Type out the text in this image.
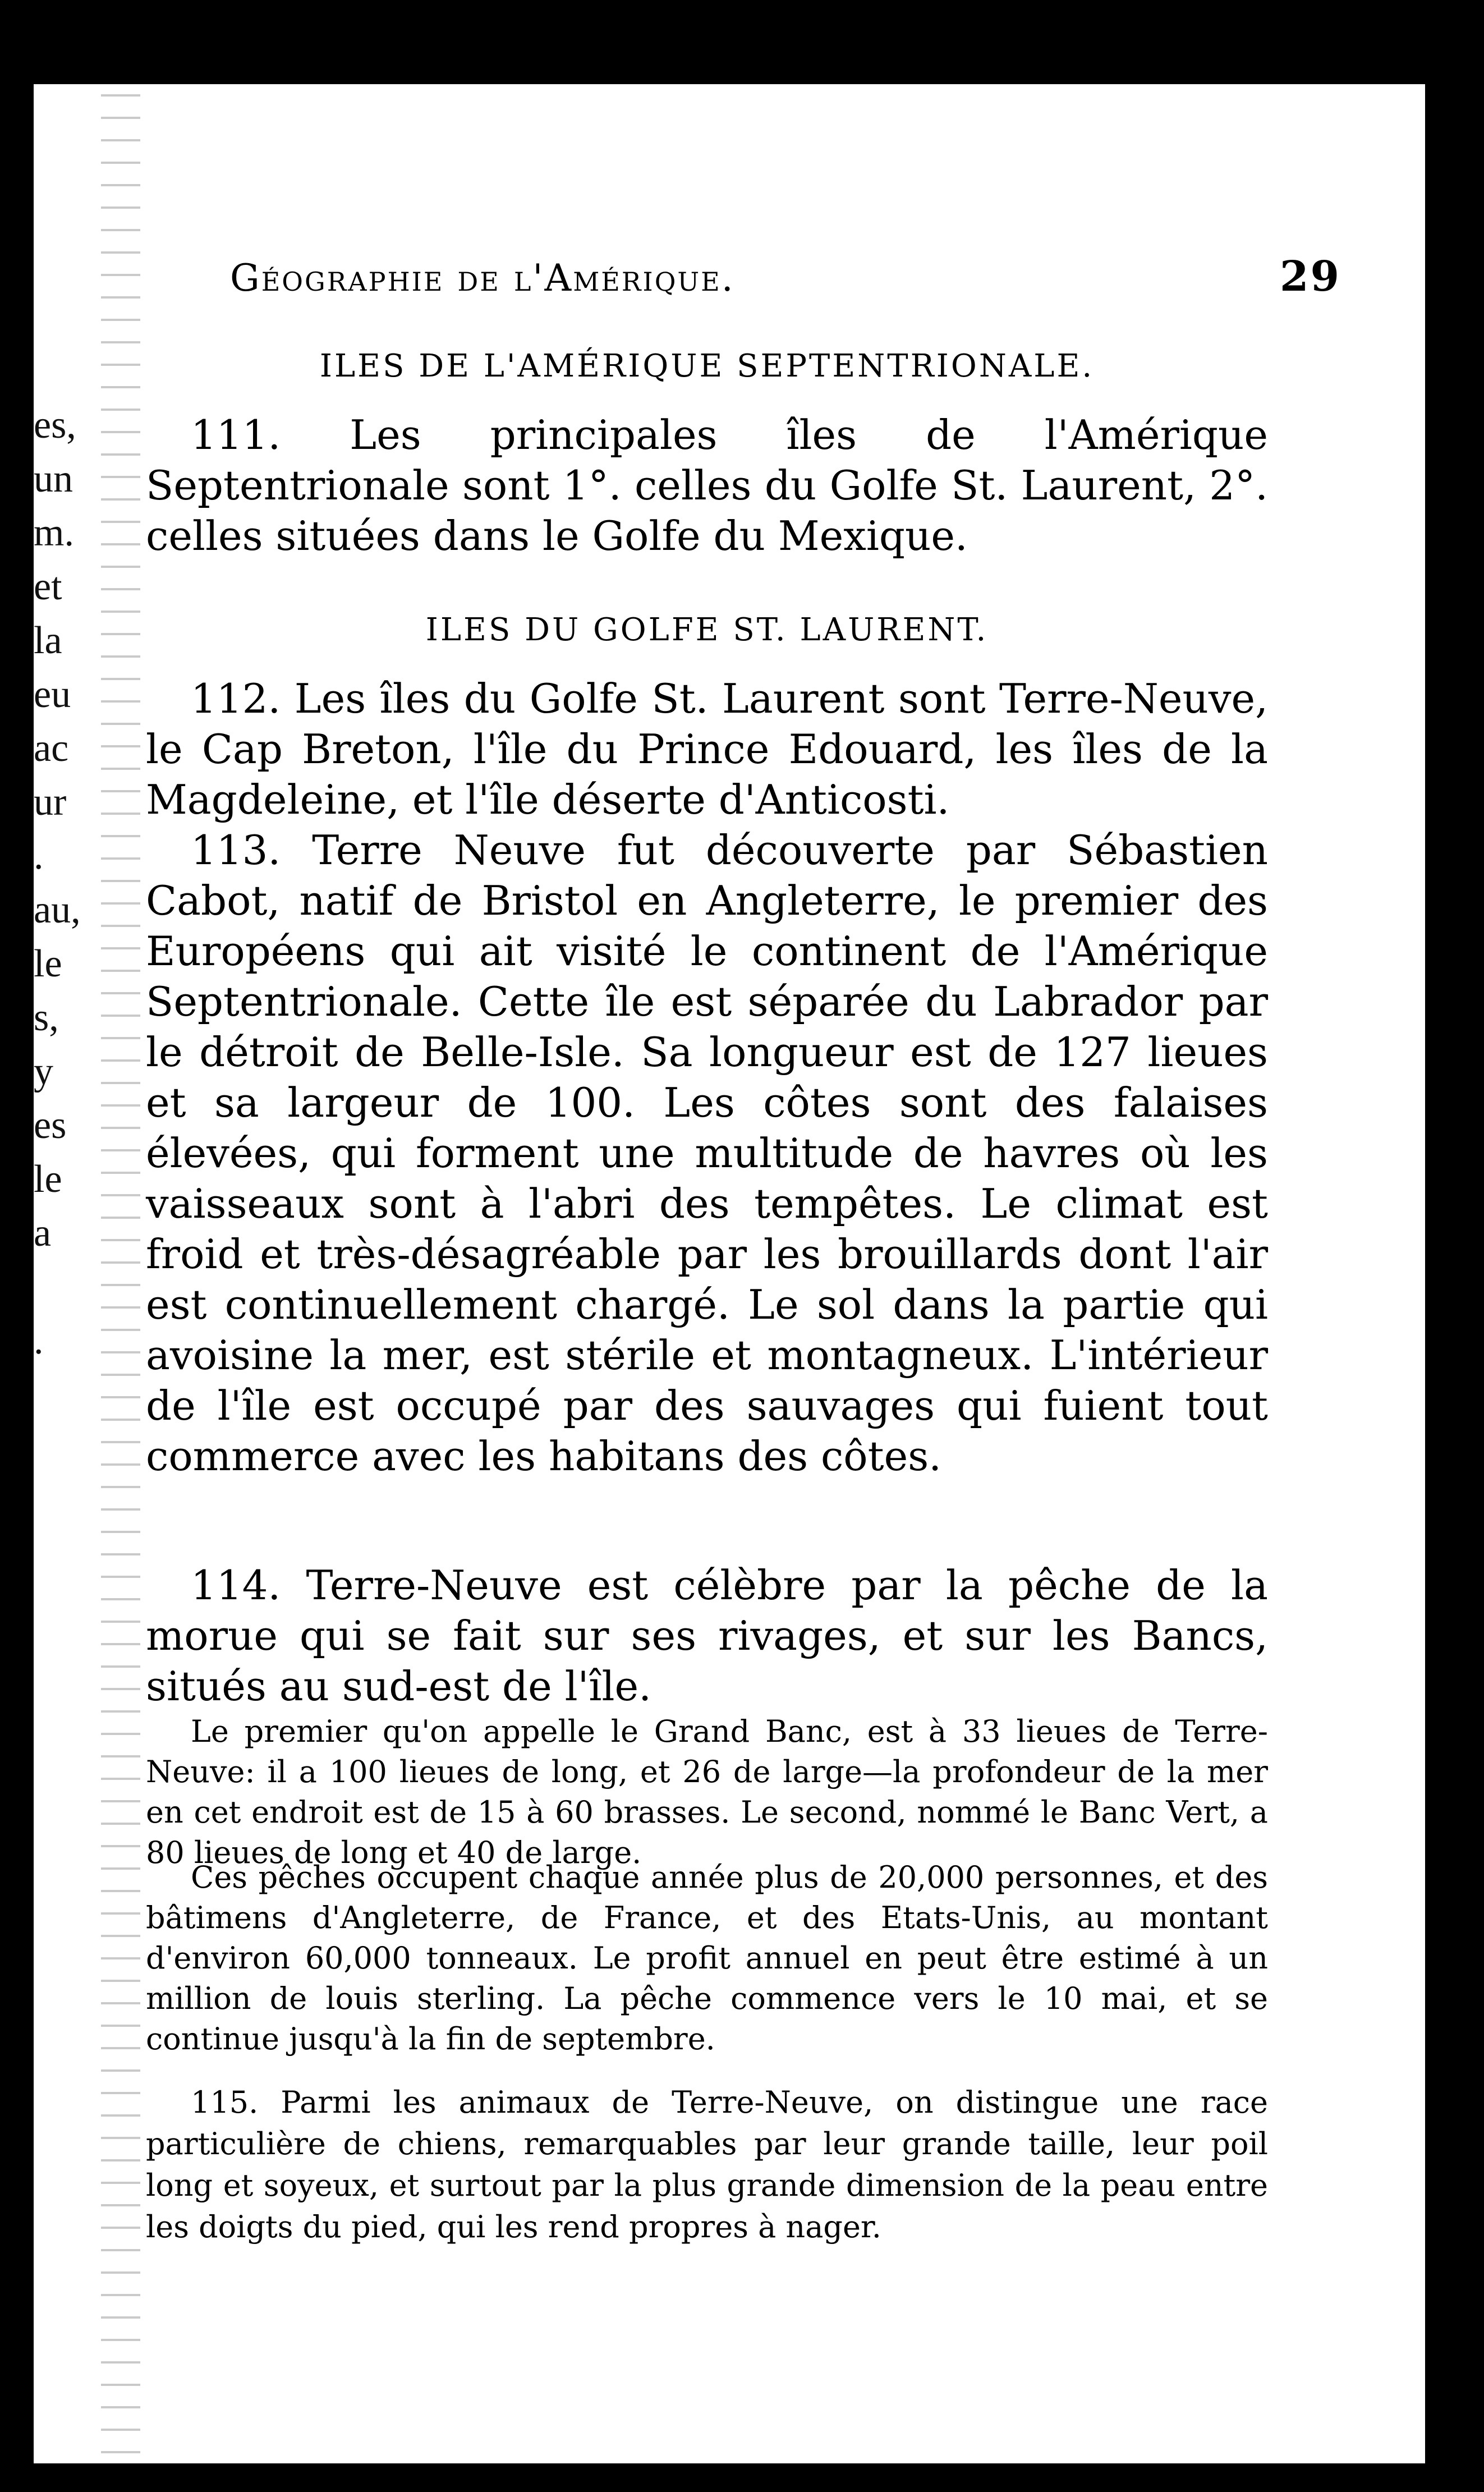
es,
un
m.
et
la
eu
ac
ur
.
au,
le
s,
y
es
le
a
.
Géographie de l'Amérique.	29
ILES DE L'AMÉRIQUE SEPTENTRIONALE.
111. Les principales îles de l'Amérique Septentrionale sont 1°. celles du Golfe St. Laurent, 2°. celles situées dans le Golfe du Mexique.
ILES DU GOLFE ST. LAURENT.
112. Les îles du Golfe St. Laurent sont Terre-Neuve, le Cap Breton, l'île du Prince Edouard, les îles de la Magdeleine, et l'île déserte d'Anticosti.
113. Terre Neuve fut découverte par Sébastien Cabot, natif de Bristol en Angleterre, le premier des Européens qui ait visité le continent de l'Amérique Septentrionale. Cette île est séparée du Labrador par le détroit de Belle-Isle. Sa longueur est de 127 lieues et sa largeur de 100. Les côtes sont des falaises élevées, qui forment une multitude de havres où les vaisseaux sont à l'abri des tempêtes. Le climat est froid et très-désagréable par les brouillards dont l'air est continuellement chargé. Le sol dans la partie qui avoisine la mer, est stérile et montagneux. L'intérieur de l'île est occupé par des sauvages qui fuient tout commerce avec les habitans des côtes.
114. Terre-Neuve est célèbre par la pêche de la morue qui se fait sur ses rivages, et sur les Bancs, situés au sud-est de l'île.
Le premier qu'on appelle le Grand Banc, est à 33 lieues de Terre-Neuve: il a 100 lieues de long, et 26 de large—la profondeur de la mer en cet endroit est de 15 à 60 brasses. Le second, nommé le Banc Vert, a 80 lieues de long et 40 de large.
Ces pêches occupent chaque année plus de 20,000 personnes, et des bâtimens d'Angleterre, de France, et des Etats-Unis, au montant d'environ 60,000 tonneaux. Le profit annuel en peut être estimé à un million de louis sterling. La pêche commence vers le 10 mai, et se continue jusqu'à la fin de septembre.
115. Parmi les animaux de Terre-Neuve, on distingue une race particulière de chiens, remarquables par leur grande taille, leur poil long et soyeux, et surtout par la plus grande dimension de la peau entre les doigts du pied, qui les rend propres à nager.
